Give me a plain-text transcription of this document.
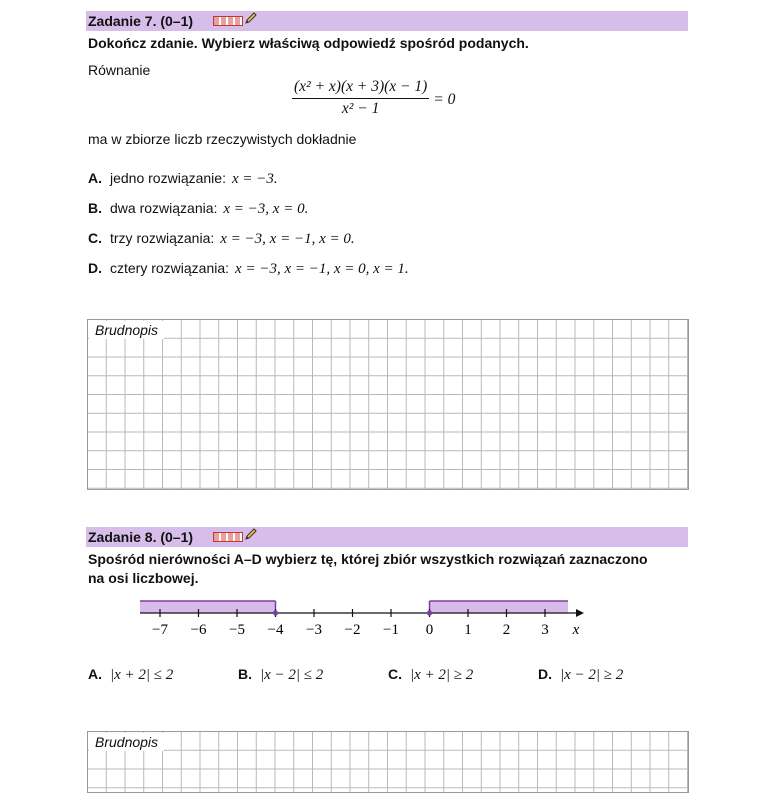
Zadanie 7. (0–1)
Dokończ zdanie. Wybierz właściwą odpowiedź spośród podanych.
Równanie
$\frac{\text{(x² + x)(x + 3)(x − 1)}}{\text{x² − 1}} = 0$
ma w zbiorze liczb rzeczywistych dokładnie
A. jedno rozwiązanie: x = −3.
B. dwa rozwiązania: x = −3, x = 0.
C. trzy rozwiązania: x = −3, x = −1, x = 0.
D. cztery rozwiązania: x = −3, x = −1, x = 0, x = 1.
Brudnopis
Zadanie 8. (0–1)
Spośród nierówności A–D wybierz tę, której zbiór wszystkich rozwiązań zaznaczono
na osi liczbowej.
−7 −6 −5 −4 −3 −2 −1 0 1 2 3 x
A. |x + 2| ≤ 2	B. |x − 2| ≤ 2	C. |x + 2| ≥ 2	D. |x − 2| ≥ 2
Brudnopis
